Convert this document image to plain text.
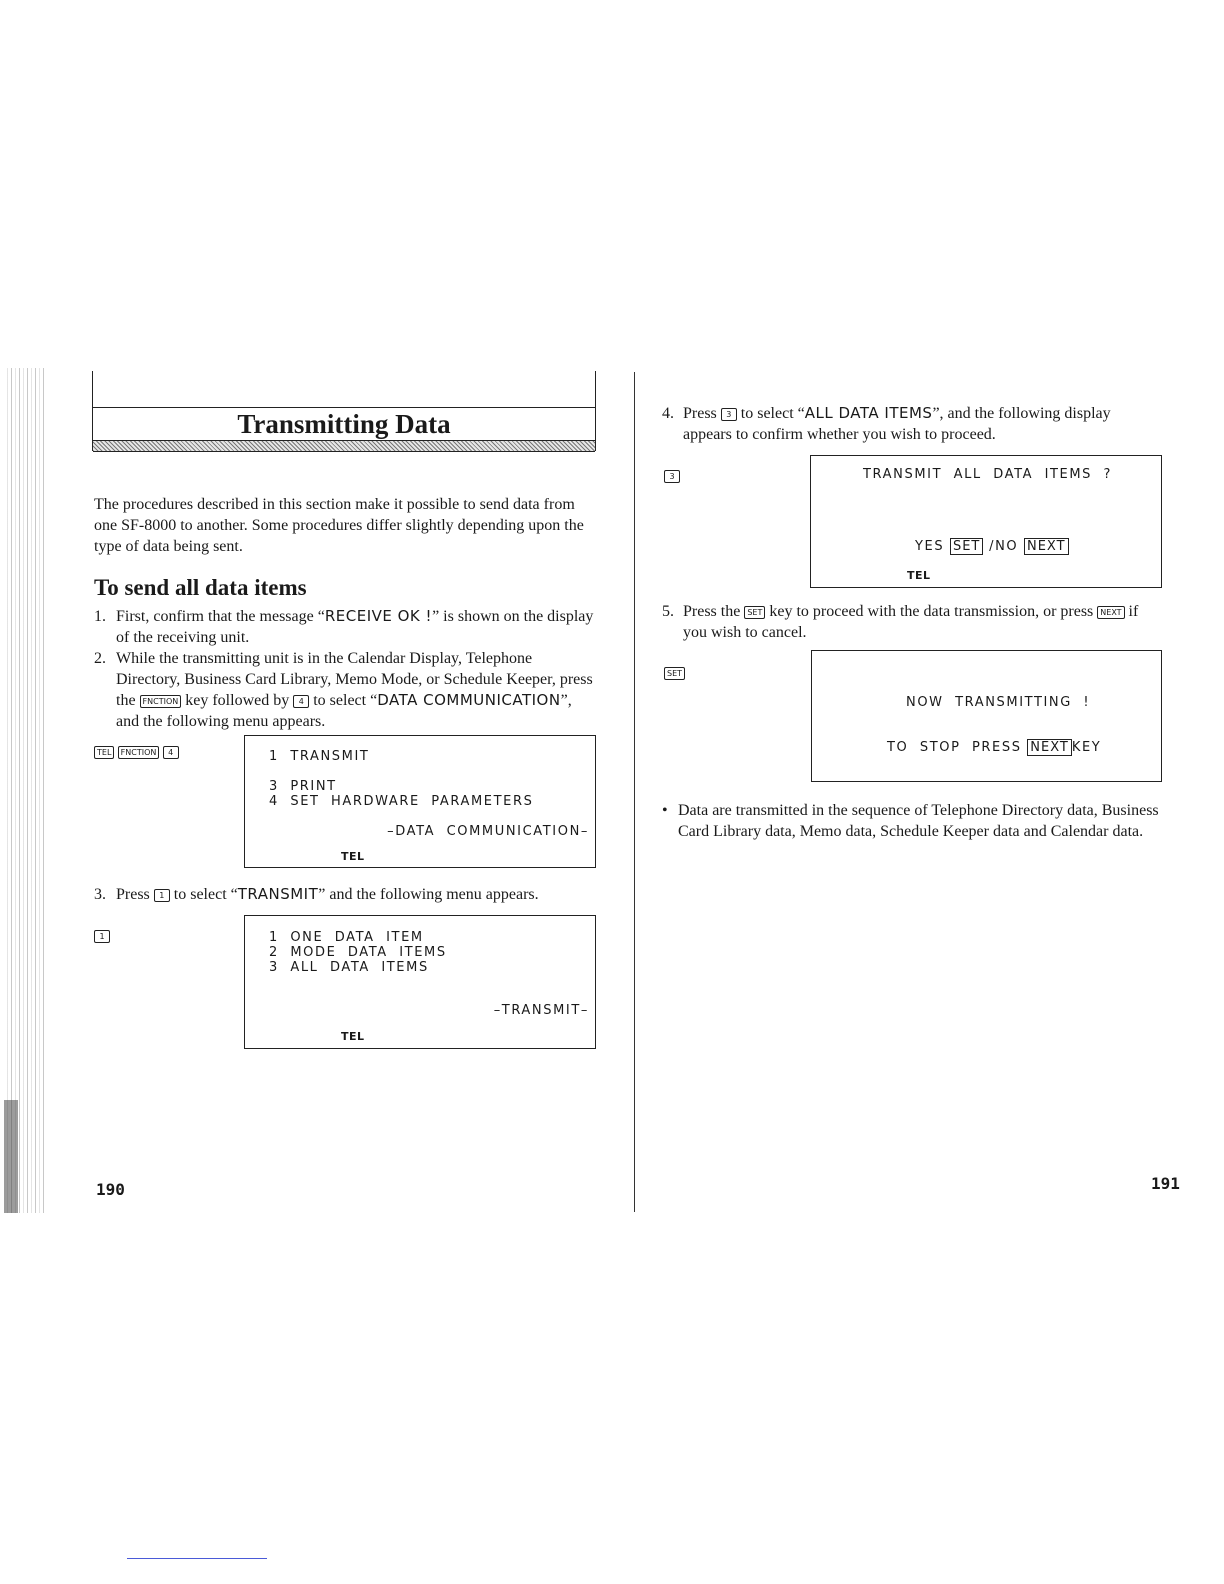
Transmitting Data
The procedures described in this section make it possible to send data from one SF-8000 to another. Some procedures differ slightly depending upon the type of data being sent.
To send all data items
1. First, confirm that the message “RECEIVE OK !” is shown on the display of the receiving unit.
2. While the transmitting unit is in the Calendar Display, Telephone Directory, Business Card Library, Memo Mode, or Schedule Keeper, press the FNCTION key followed by 4 to select “DATA COMMUNICATION”, and the following menu appears.
TEL FNCTION 4	1  TRANSMIT
3  PRINT
4  SET  HARDWARE  PARAMETERS
–DATA  COMMUNICATION–
TEL
3. Press 1 to select “TRANSMIT” and the following menu appears.
1	1  ONE  DATA  ITEM
2  MODE  DATA  ITEMS
3  ALL  DATA  ITEMS
–TRANSMIT–
TEL
190
4. Press 3 to select “ALL DATA ITEMS”, and the following display appears to confirm whether you wish to proceed.
3	TRANSMIT  ALL  DATA  ITEMS  ?
YES SET /NO NEXT
TEL
5. Press the SET key to proceed with the data transmission, or press NEXT if you wish to cancel.
SET
NOW  TRANSMITTING  !
TO  STOP  PRESS NEXT KEY
• Data are transmitted in the sequence of Telephone Directory data, Business Card Library data, Memo data, Schedule Keeper data and Calendar data.
191
